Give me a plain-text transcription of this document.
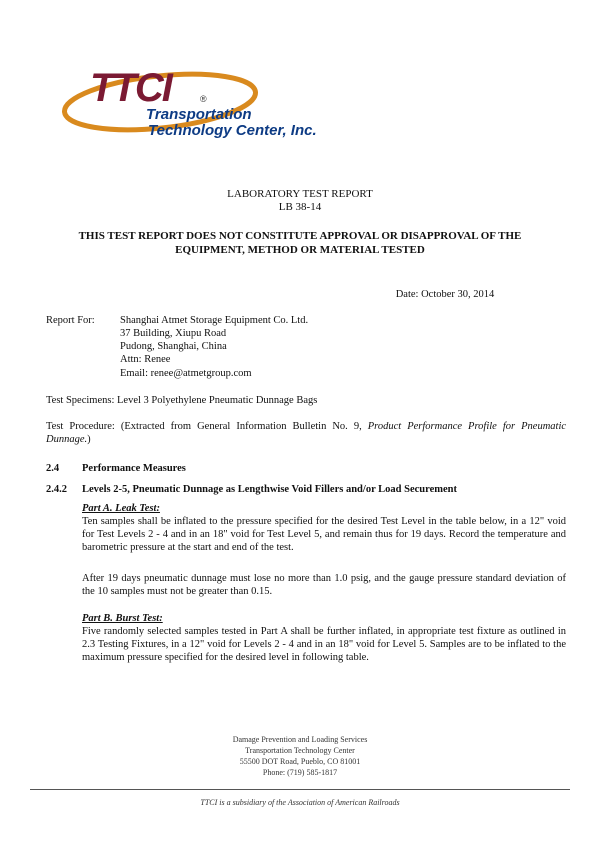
TTCI	®
Transportation
Technology Center, Inc.
LABORATORY TEST REPORT
LB 38-14
THIS TEST REPORT DOES NOT CONSTITUTE APPROVAL OR DISAPPROVAL OF THE
EQUIPMENT, METHOD OR MATERIAL TESTED
Date: October 30, 2014
Report For: Shanghai Atmet Storage Equipment Co. Ltd.
37 Building, Xiupu Road
Pudong, Shanghai, China
Attn: Renee
Email: renee@atmetgroup.com
Test Specimens: Level 3 Polyethylene Pneumatic Dunnage Bags
Test Procedure: (Extracted from General Information Bulletin No. 9, Product Performance Profile for Pneumatic Dunnage.)
2.4 Performance Measures
2.4.2 Levels 2-5, Pneumatic Dunnage as Lengthwise Void Fillers and/or Load Securement
Part A. Leak Test:
Ten samples shall be inflated to the pressure specified for the desired Test Level in the table below, in a 12" void for Test Levels 2 - 4 and in an 18" void for Test Level 5, and remain thus for 19 days. Record the temperature and barometric pressure at the start and end of the test.
After 19 days pneumatic dunnage must lose no more than 1.0 psig, and the gauge pressure standard deviation of the 10 samples must not be greater than 0.15.
Part B. Burst Test:
Five randomly selected samples tested in Part A shall be further inflated, in appropriate test fixture as outlined in 2.3 Testing Fixtures, in a 12" void for Levels 2 - 4 and in an 18" void for Level 5. Samples are to be inflated to the maximum pressure specified for the desired level in following table.
Damage Prevention and Loading Services
Transportation Technology Center
55500 DOT Road, Pueblo, CO 81001
Phone: (719) 585-1817
TTCI is a subsidiary of the Association of American Railroads
